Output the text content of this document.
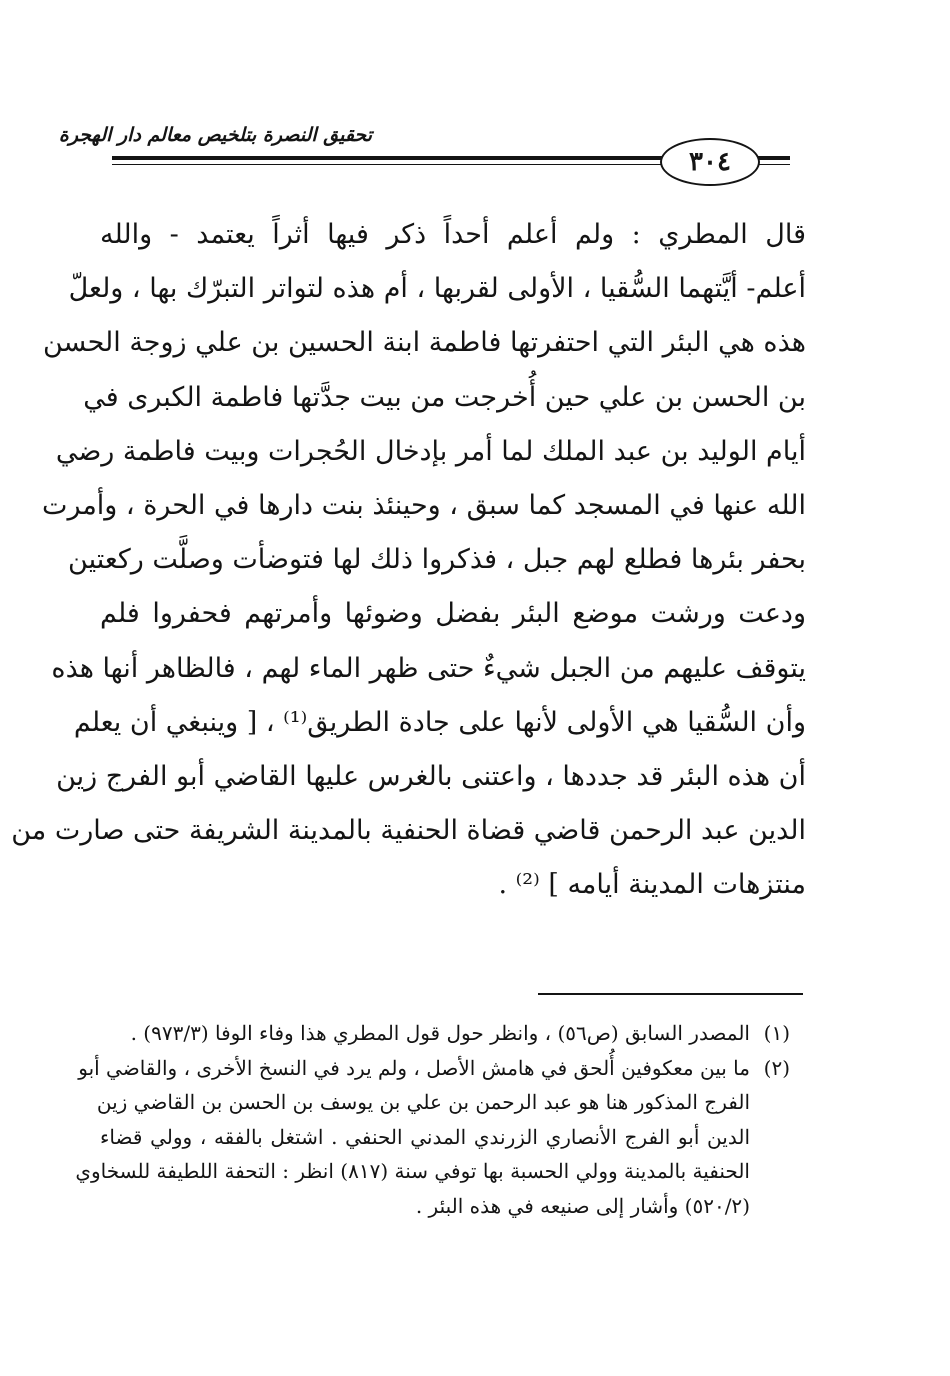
تحقيق النصرة بتلخيص معالم دار الهجرة
٣٠٤
قال المطري : ولم أعلم أحداً ذكر فيها أثراً يعتمد - والله
أعلم- أيَّتهما السُّقيا ، الأولى لقربها ، أم هذه لتواتر التبرّك بها ، ولعلّ
هذه هي البئر التي احتفرتها فاطمة ابنة الحسين بن علي زوجة الحسن
بن الحسن بن علي حين أُخرجت من بيت جدَّتها فاطمة الكبرى في
أيام الوليد بن عبد الملك لما أمر بإدخال الحُجرات وبيت فاطمة رضي
الله عنها في المسجد كما سبق ، وحينئذ بنت دارها في الحرة ، وأمرت
بحفر بئرها فطلع لهم جبل ، فذكروا ذلك لها فتوضأت وصلَّت ركعتين
ودعت ورشت موضع البئر بفضل وضوئها وأمرتهم فحفروا فلم
يتوقف عليهم من الجبل شيءٌ حتى ظهر الماء لهم ، فالظاهر أنها هذه
وأن السُّقيا هي الأولى لأنها على جادة الطريق⁽¹⁾ ، [ وينبغي أن يعلم
أن هذه البئر قد جددها ، واعتنى بالغرس عليها القاضي أبو الفرج زين
الدين عبد الرحمن قاضي قضاة الحنفية بالمدينة الشريفة حتى صارت من
منتزهات المدينة أيامه ] ⁽²⁾ .
(١)المصدر السابق (ص٥٦) ، وانظر حول قول المطري هذا وفاء الوفا (٩٧٣/٣) .
(٢)ما بين معكوفين أُلحق في هامش الأصل ، ولم يرد في النسخ الأخرى ، والقاضي أبو
الفرج المذكور هنا هو عبد الرحمن بن علي بن يوسف بن الحسن بن القاضي زين
الدين أبو الفرج الأنصاري الزرندي المدني الحنفي . اشتغل بالفقه ، وولي قضاء
الحنفية بالمدينة وولي الحسبة بها توفي سنة (٨١٧) انظر : التحفة اللطيفة للسخاوي
(٥٢٠/٢) وأشار إلى صنيعه في هذه البئر .
